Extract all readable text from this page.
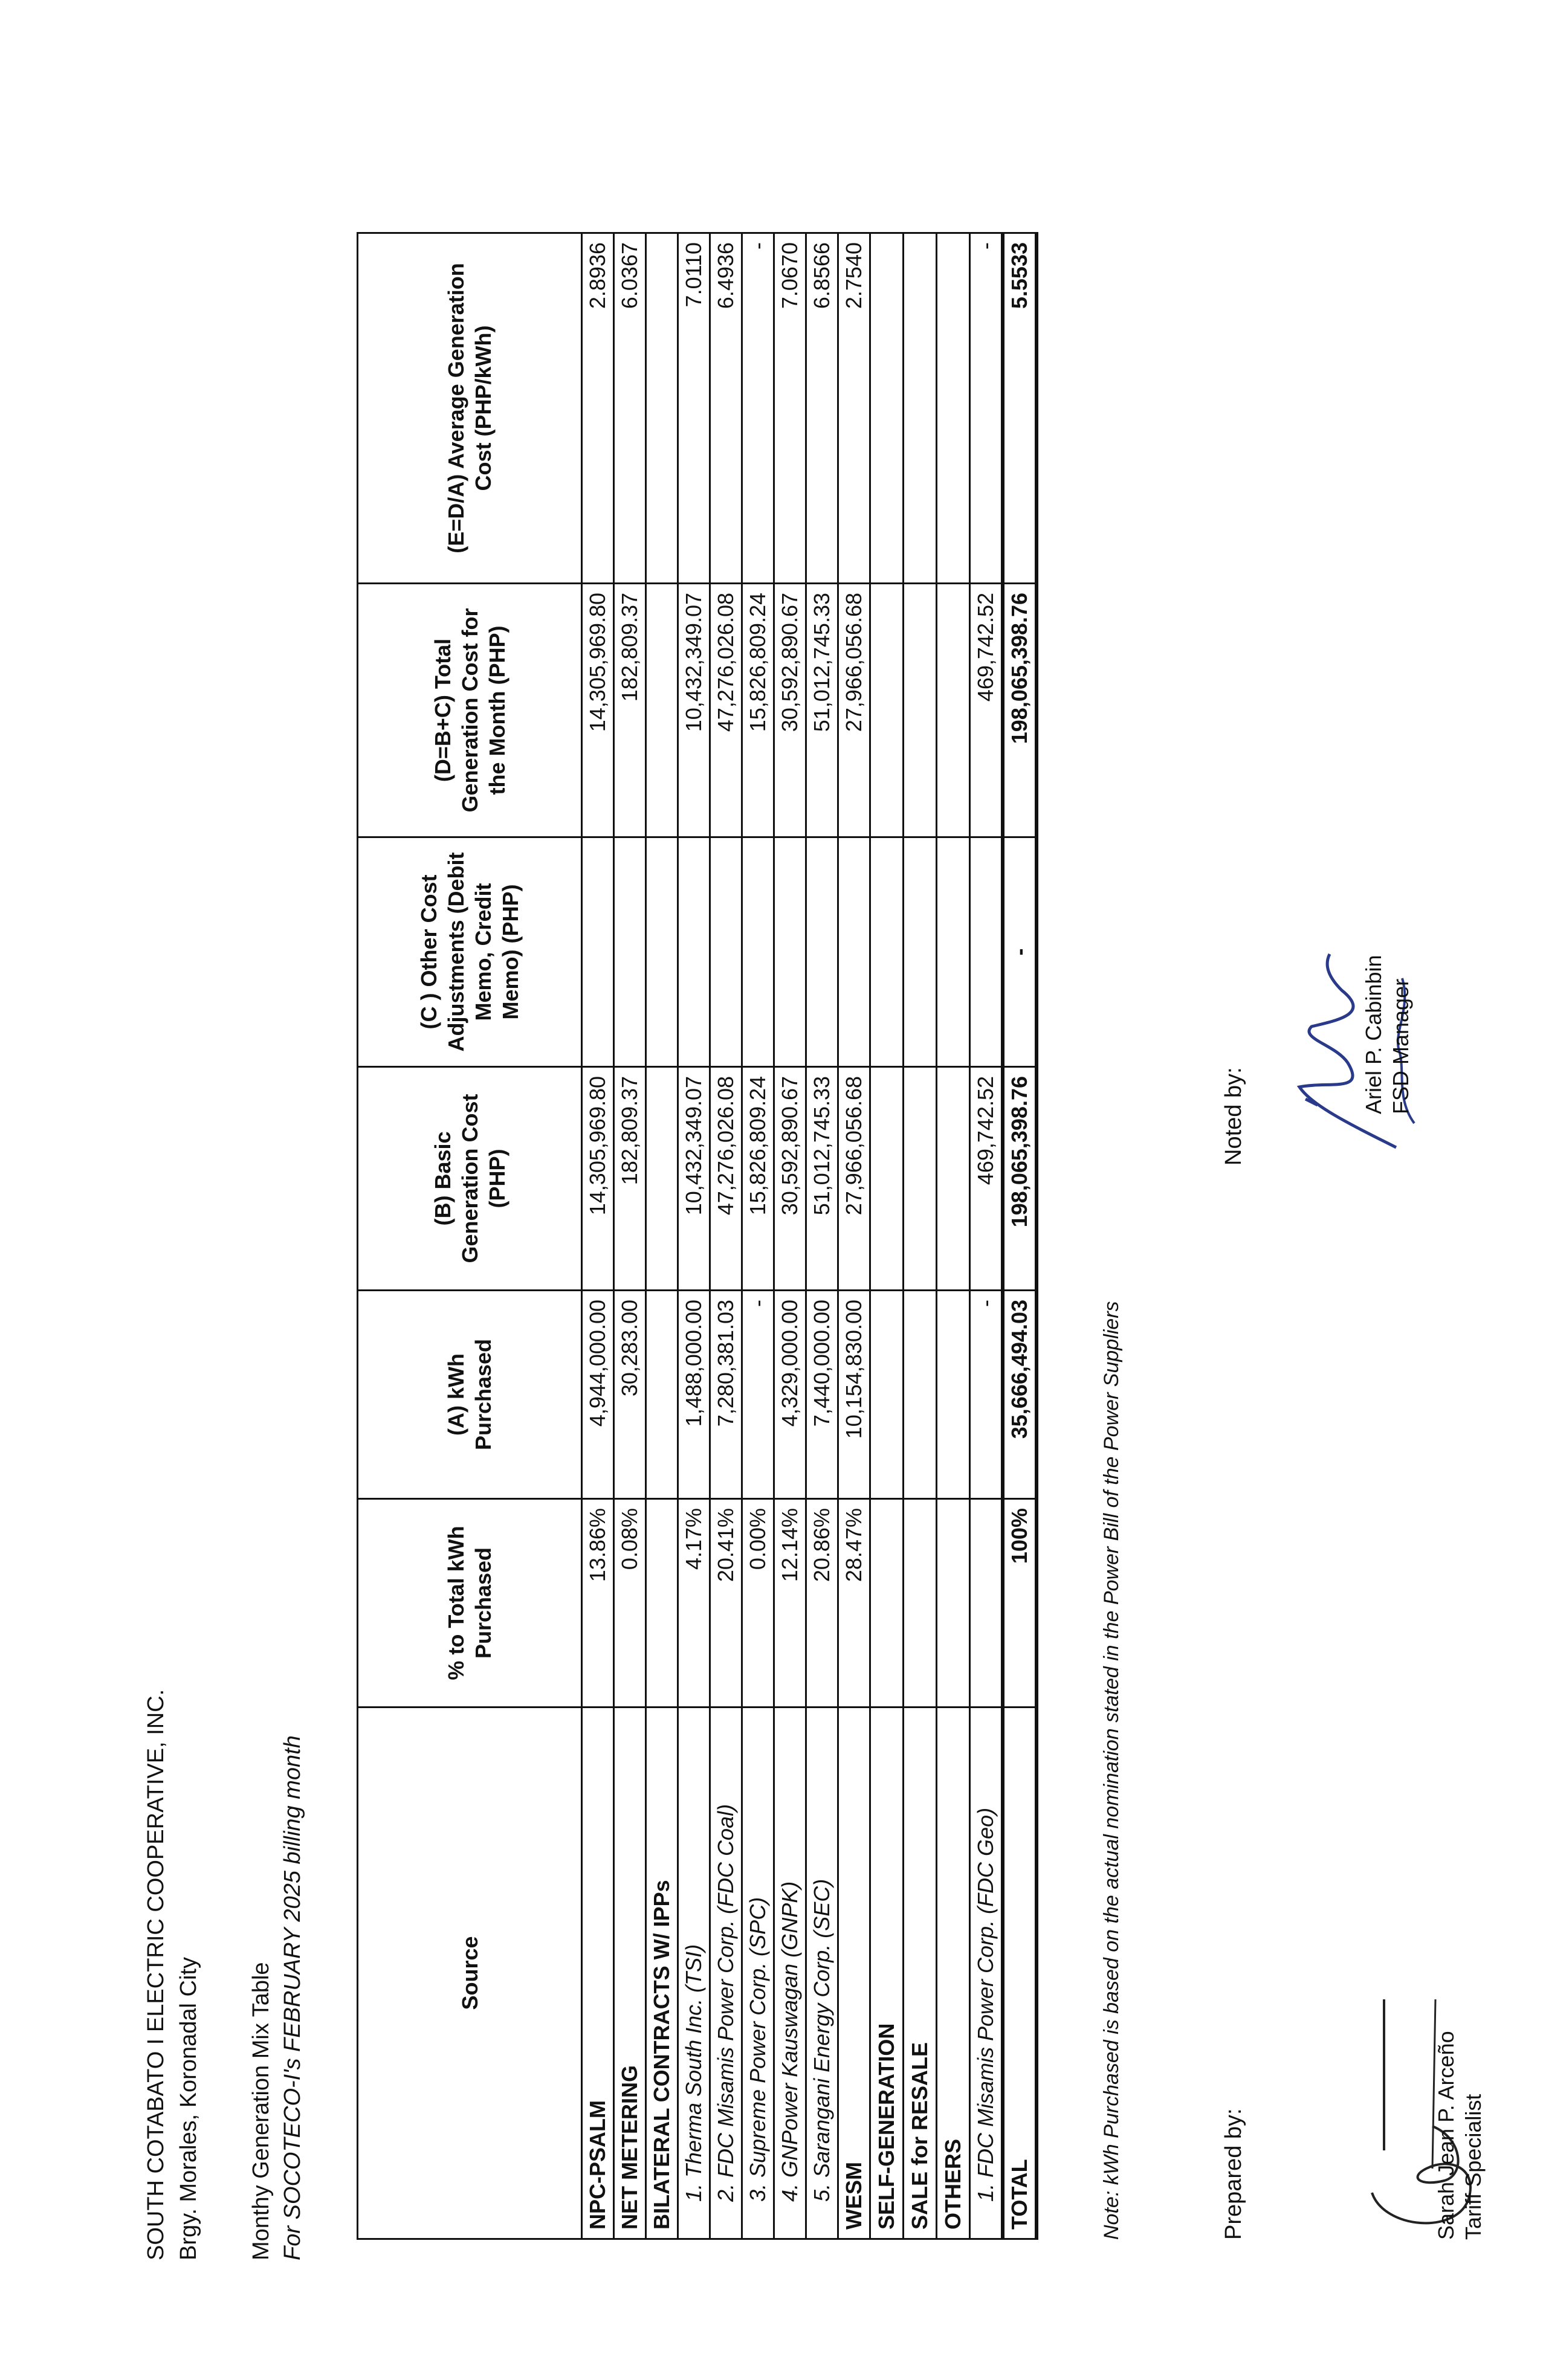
SOUTH COTABATO I ELECTRIC COOPERATIVE, INC. Brgy. Morales, Koronadal City Monthy Generation Mix Table For SOCOTECO-I's FEBRUARY 2025 billing month	Source	% to Total kWh Purchased	(A) kWh Purchased	(B) Basic Generation Cost (PHP)	(C ) Other Cost Adjustments (Debit Memo, Credit Memo) (PHP)	(D=B+C) Total Generation Cost for the Month (PHP)	(E=D/A) Average Generation Cost (PHP/kWh)
NPC-PSALM	13.86%	4,944,000.00	14,305,969.80		14,305,969.80	2.8936
NET METERING	0.08%	30,283.00	182,809.37		182,809.37	6.0367
BILATERAL CONTRACTS W/ IPPs						
1. Therma South Inc. (TSI)	4.17%	1,488,000.00	10,432,349.07		10,432,349.07	7.0110
2. FDC Misamis Power Corp. (FDC Coal)	20.41%	7,280,381.03	47,276,026.08		47,276,026.08	6.4936
3. Supreme Power Corp. (SPC)	0.00%	-	15,826,809.24		15,826,809.24	-
4. GNPower Kauswagan (GNPK)	12.14%	4,329,000.00	30,592,890.67		30,592,890.67	7.0670
5. Sarangani Energy Corp. (SEC)	20.86%	7,440,000.00	51,012,745.33		51,012,745.33	6.8566
WESM	28.47%	10,154,830.00	27,966,056.68		27,966,056.68	2.7540
SELF-GENERATION						
SALE for RESALE						
OTHERS						
1. FDC Misamis Power Corp. (FDC Geo)		-	469,742.52		469,742.52	-
TOTAL	100%	35,666,494.03	198,065,398.76	-	198,065,398.76	5.5533
Note: kWh Purchased is based on the actual nomination stated in the Power Bill of the Power Suppliers	Prepared by:	Sarah Jean P. Arceño Tariff Specialist
Noted by:
Ariel P. Cabinbin FSD Manager
